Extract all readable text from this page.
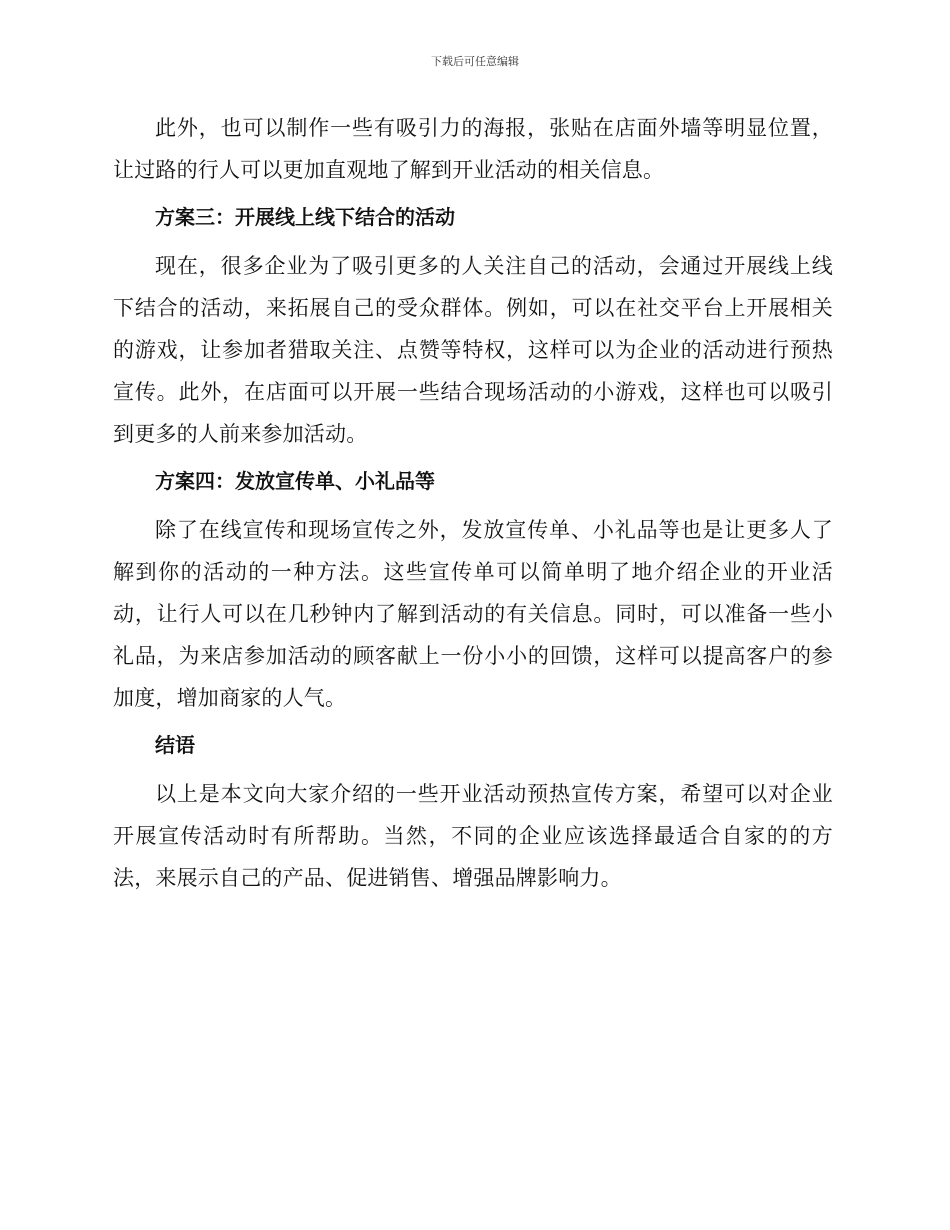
下载后可任意编辑

此外，也可以制作一些有吸引力的海报，张贴在店面外墙等明显位置，让过路的行人可以更加直观地了解到开业活动的相关信息。

方案三：开展线上线下结合的活动

现在，很多企业为了吸引更多的人关注自己的活动，会通过开展线上线下结合的活动，来拓展自己的受众群体。例如，可以在社交平台上开展相关的游戏，让参加者猎取关注、点赞等特权，这样可以为企业的活动进行预热宣传。此外，在店面可以开展一些结合现场活动的小游戏，这样也可以吸引到更多的人前来参加活动。

方案四：发放宣传单、小礼品等

除了在线宣传和现场宣传之外，发放宣传单、小礼品等也是让更多人了解到你的活动的一种方法。这些宣传单可以简单明了地介绍企业的开业活动，让行人可以在几秒钟内了解到活动的有关信息。同时，可以准备一些小礼品，为来店参加活动的顾客献上一份小小的回馈，这样可以提高客户的参加度，增加商家的人气。

结语

以上是本文向大家介绍的一些开业活动预热宣传方案，希望可以对企业开展宣传活动时有所帮助。当然，不同的企业应该选择最适合自家的的方法，来展示自己的产品、促进销售、增强品牌影响力。
